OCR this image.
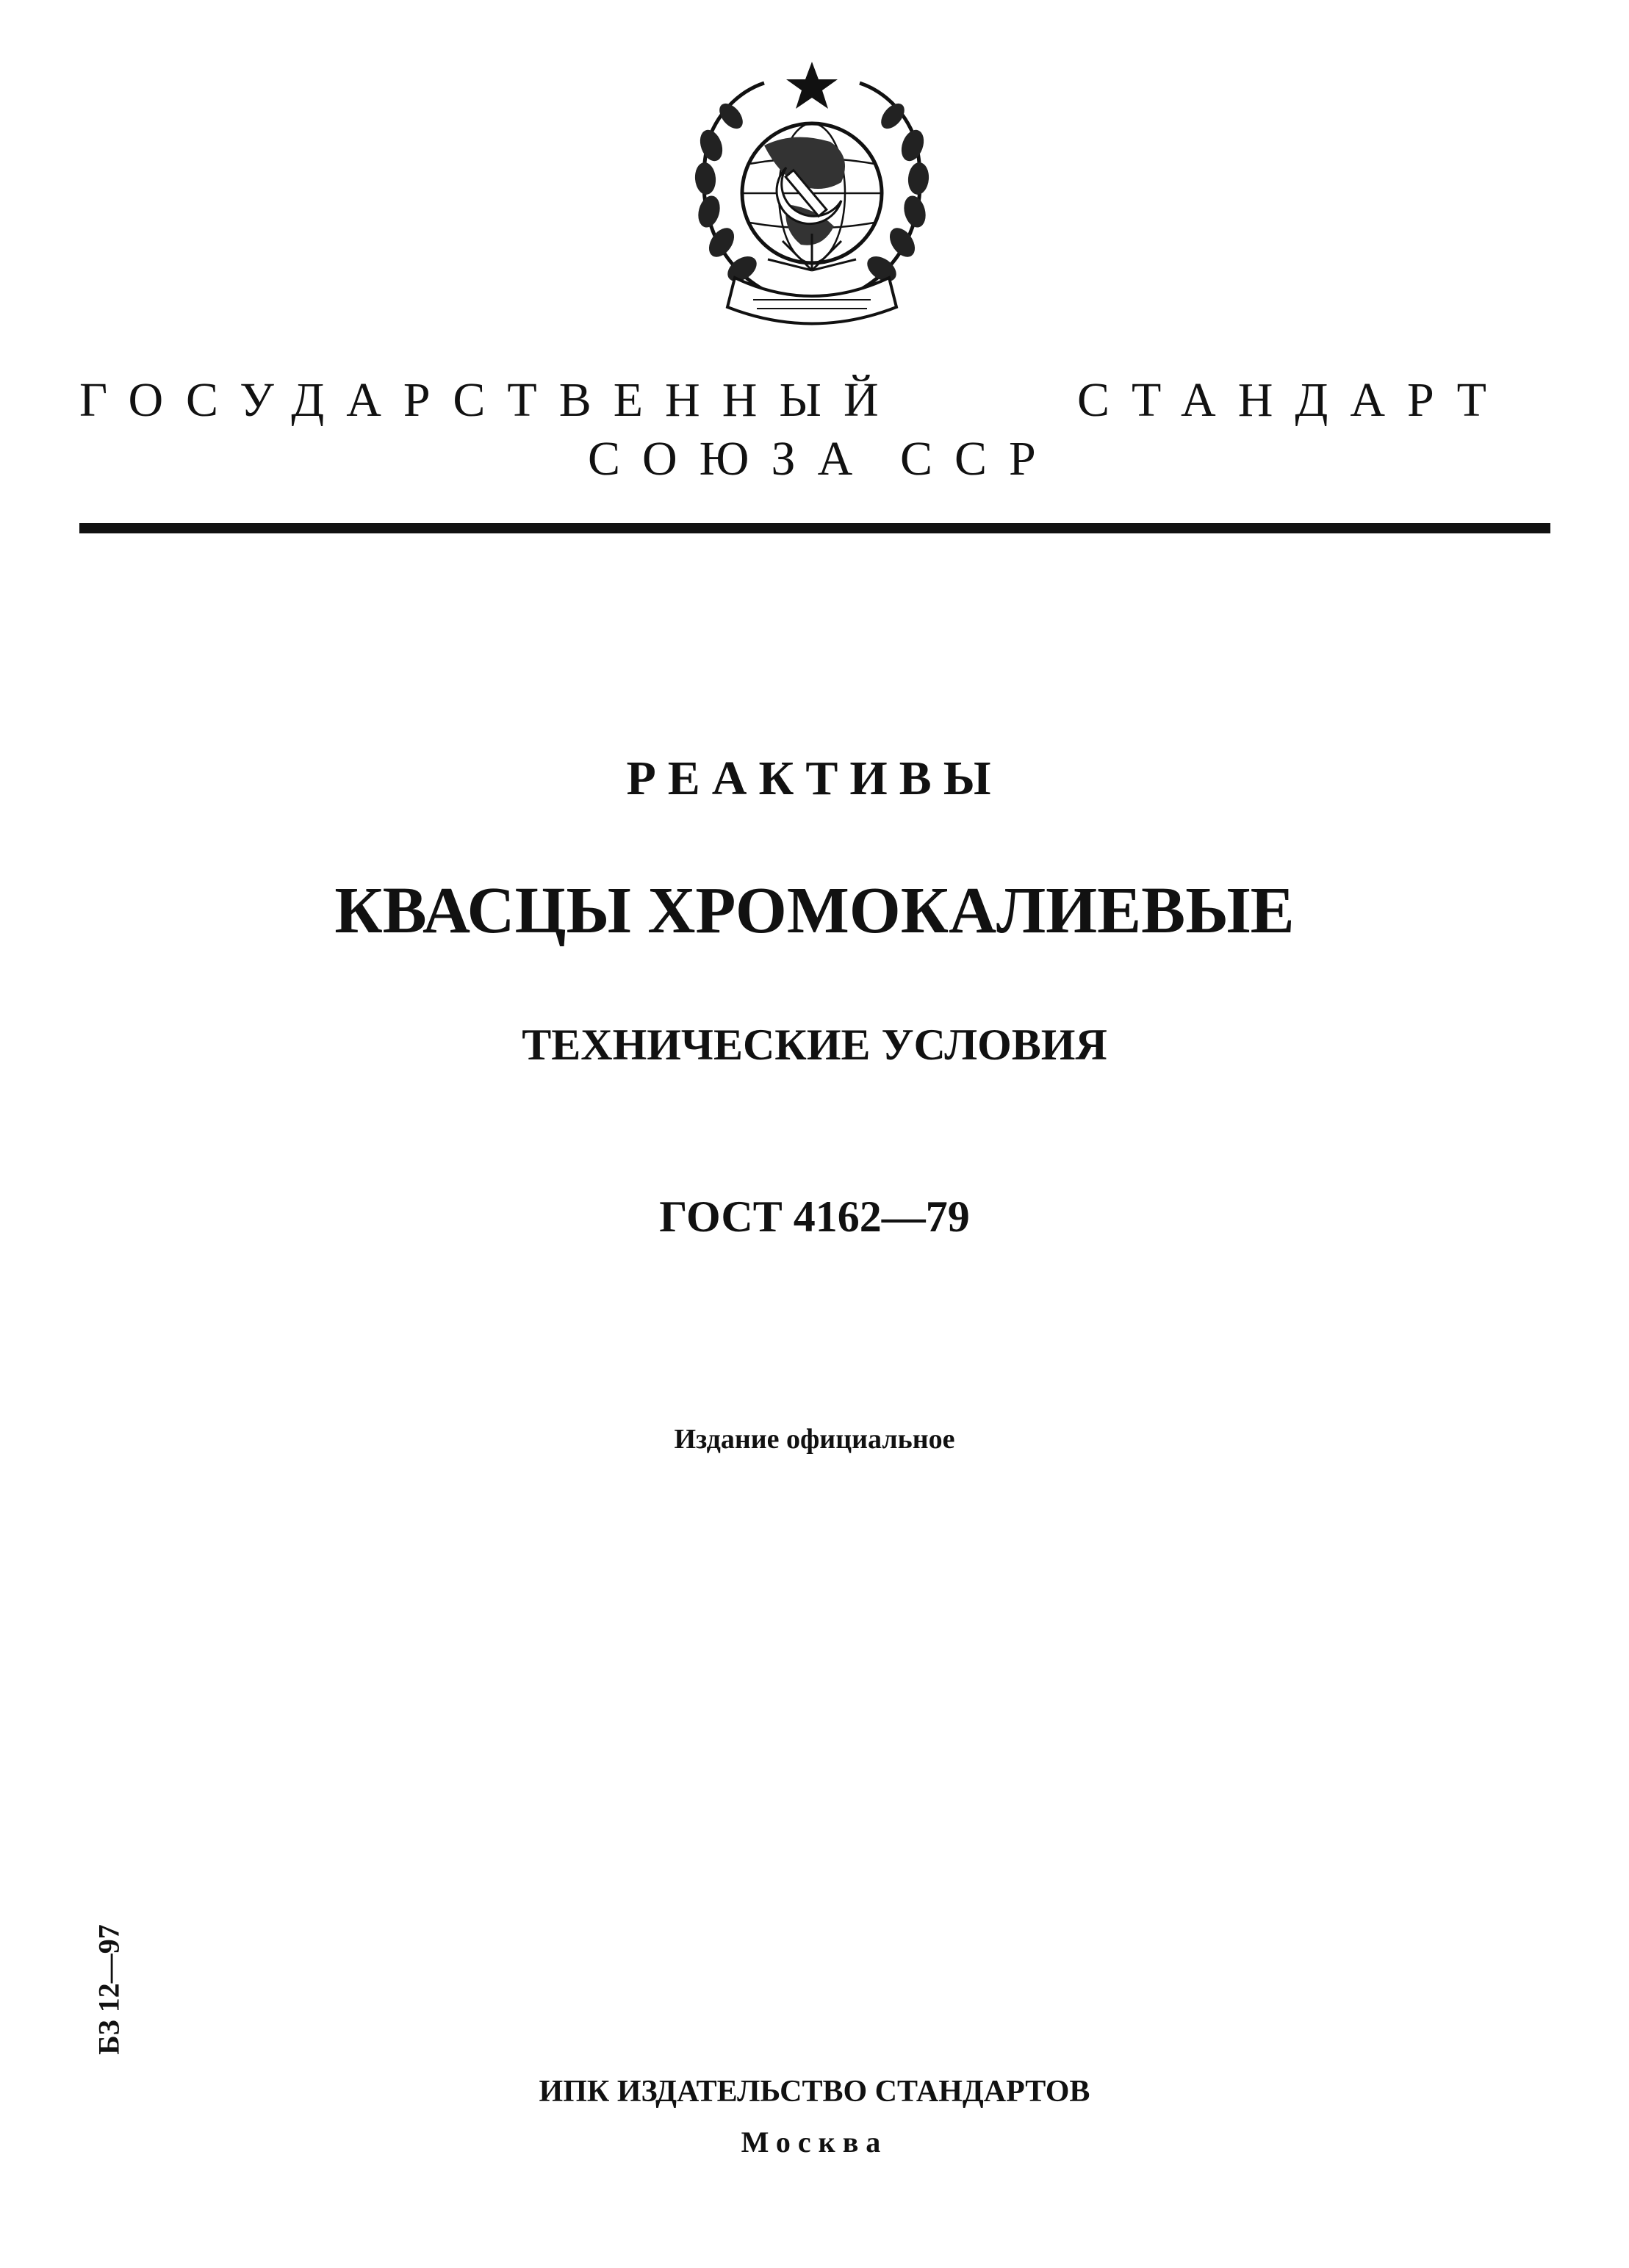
ГОСУДАРСТВЕННЫЙ	СТАНДАРТ
СОЮЗА ССР
РЕАКТИВЫ
КВАСЦЫ ХРОМОКАЛИЕВЫЕ
ТЕХНИЧЕСКИЕ УСЛОВИЯ
ГОСТ 4162—79
Издание официальное
БЗ 12—97
ИПК ИЗДАТЕЛЬСТВО СТАНДАРТОВ
Москва
